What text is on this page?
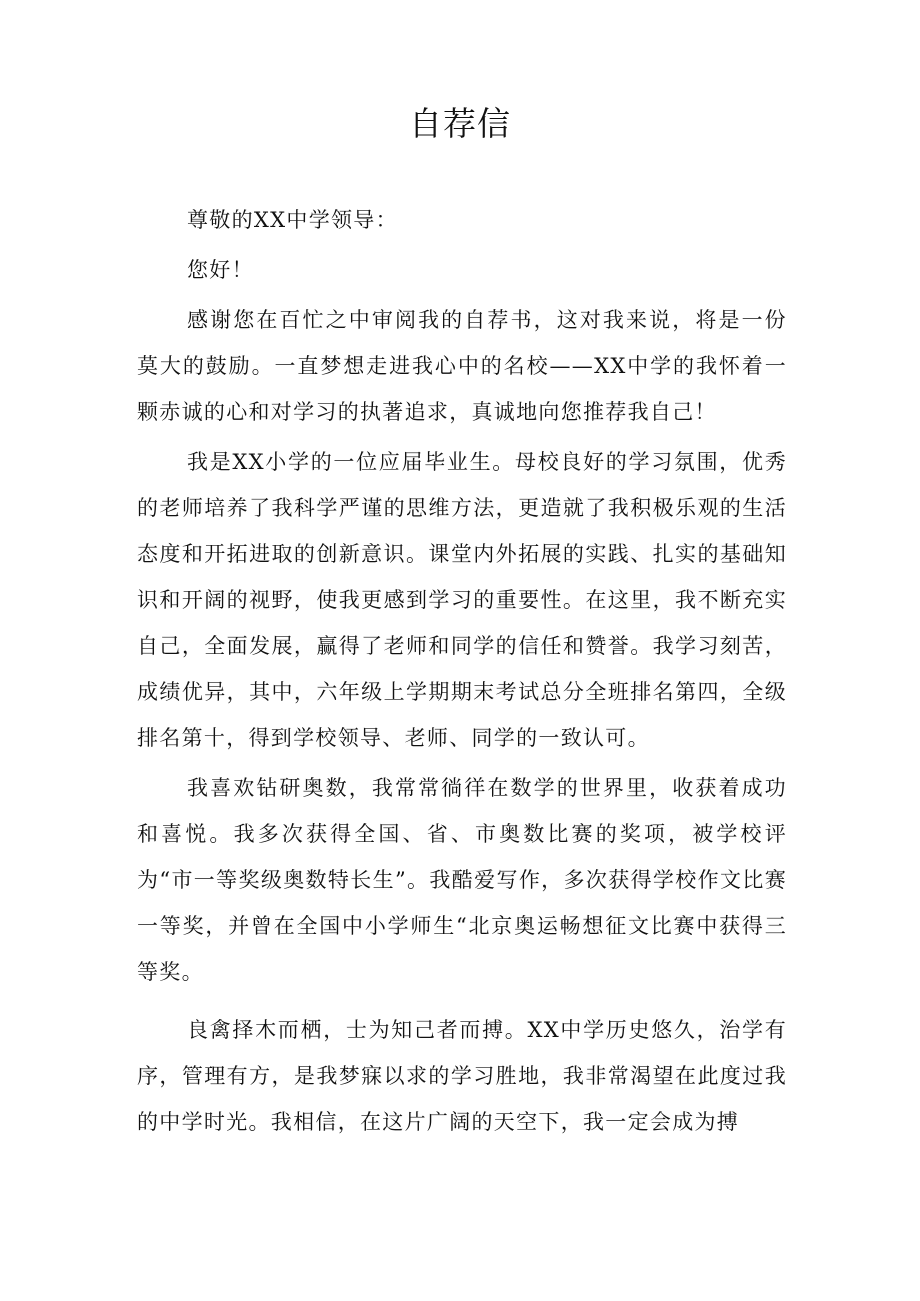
自荐信

尊敬的XX中学领导：

您好！

感谢您在百忙之中审阅我的自荐书，这对我来说，将是一份莫大的鼓励。一直梦想走进我心中的名校——XX中学的我怀着一颗赤诚的心和对学习的执著追求，真诚地向您推荐我自己！

我是XX小学的一位应届毕业生。母校良好的学习氛围，优秀的老师培养了我科学严谨的思维方法，更造就了我积极乐观的生活态度和开拓进取的创新意识。课堂内外拓展的实践、扎实的基础知识和开阔的视野，使我更感到学习的重要性。在这里，我不断充实自己，全面发展，赢得了老师和同学的信任和赞誉。我学习刻苦，成绩优异，其中，六年级上学期期末考试总分全班排名第四，全级排名第十，得到学校领导、老师、同学的一致认可。

我喜欢钻研奥数，我常常徜徉在数学的世界里，收获着成功和喜悦。我多次获得全国、省、市奥数比赛的奖项，被学校评为“市一等奖级奥数特长生”。我酷爱写作，多次获得学校作文比赛一等奖，并曾在全国中小学师生“北京奥运畅想征文比赛中获得三等奖。

良禽择木而栖，士为知己者而搏。XX中学历史悠久，治学有序，管理有方，是我梦寐以求的学习胜地，我非常渴望在此度过我的中学时光。我相信，在这片广阔的天空下，我一定会成为搏
